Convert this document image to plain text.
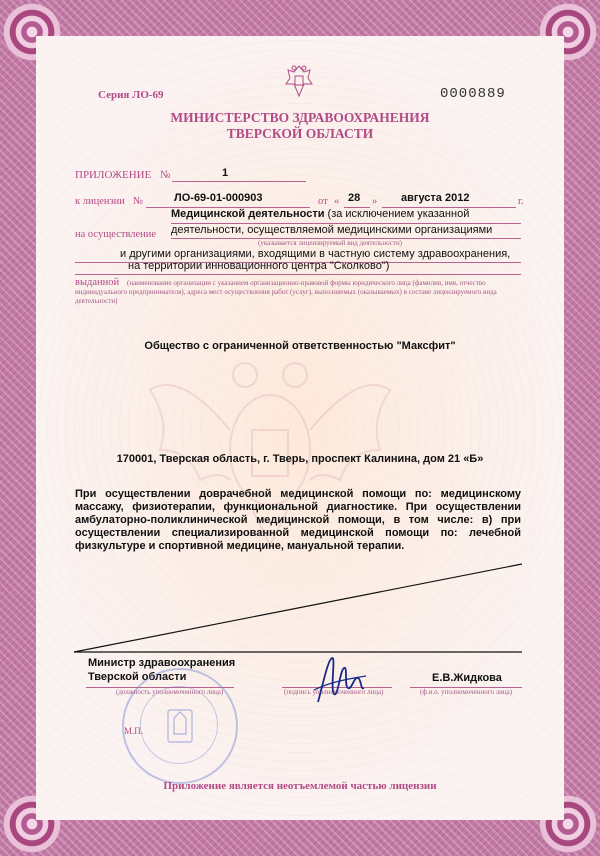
Серия ЛО-69	0000889
МИНИСТЕРСТВО ЗДРАВООХРАНЕНИЯ
ТВЕРСКОЙ ОБЛАСТИ
ПРИЛОЖЕНИЕ №	1
к лицензии №	ЛО-69-01-000903	от « 28 » августа 2012	г.
на осуществление
Медицинской деятельности (за исключением указанной
деятельности, осуществляемой медицинскими организациями
(указывается лицензируемый вид деятельности)
и другими организациями, входящими в частную систему здравоохранения,
на территории инновационного центра "Сколково")
выданной	(наименование организации с указанием организационно-правовой формы юридического лица (фамилия, имя, отчество индивидуального предпринимателя), адреса мест осуществления работ (услуг), выполняемых (оказываемых) в составе лицензируемого вида деятельности)
Общество с ограниченной ответственностью "Максфит"
170001, Тверская область, г. Тверь, проспект Калинина, дом 21 «Б»
При осуществлении доврачебной медицинской помощи по: медицинскому массажу, физиотерапии, функциональной диагностике. При осуществлении амбулаторно-поликлинической медицинской помощи, в том числе: в) при осуществлении специализированной медицинской помощи по: лечебной физкультуре и спортивной медицине, мануальной терапии.
Министр здравоохранения
Тверской области
(должность уполномоченного лица)	(подпись уполномоченного лица)
Е.В.Жидкова
(ф.и.о. уполномоченного лица)
М.П.
Приложение является неотъемлемой частью лицензии
